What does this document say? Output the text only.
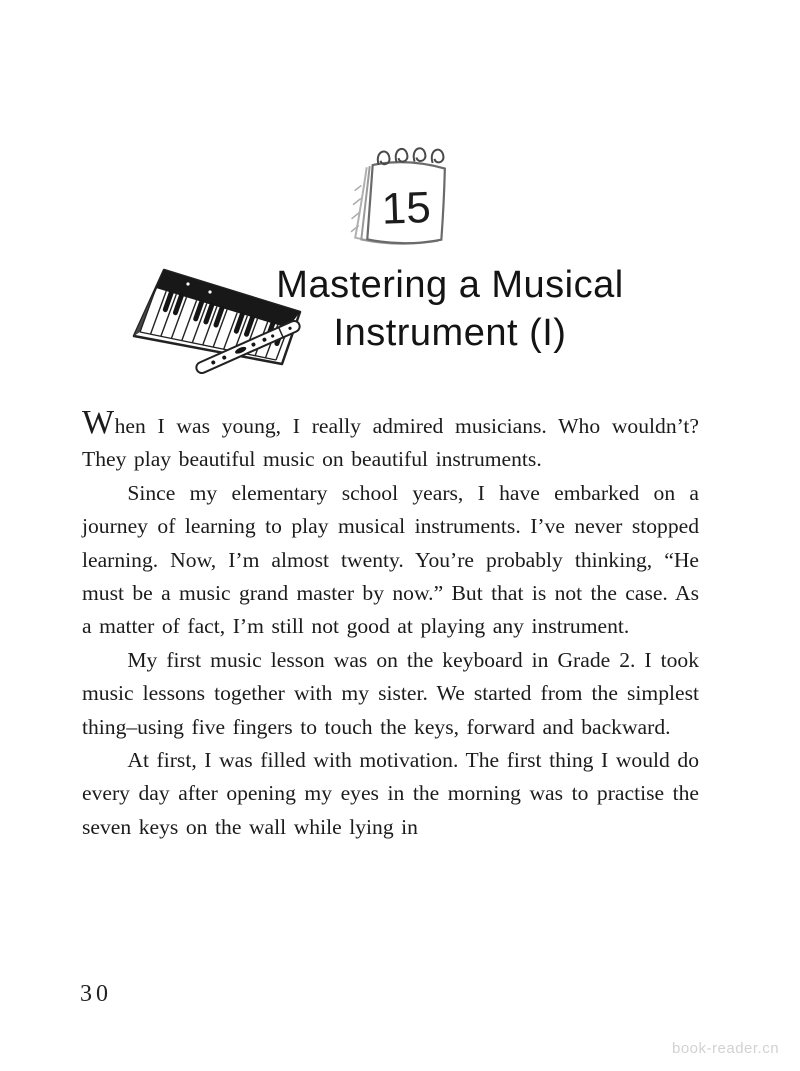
15
Mastering a Musical
Instrument (I)

When I was young, I really admired musicians. Who wouldn’t? They play beautiful music on beautiful instruments.

Since my elementary school years, I have embarked on a journey of learning to play musical instruments. I’ve never stopped learning. Now, I’m almost twenty. You’re probably thinking, “He must be a music grand master by now.” But that is not the case. As a matter of fact, I’m still not good at playing any instrument.

My first music lesson was on the keyboard in Grade 2. I took music lessons together with my sister. We started from the simplest thing–using five fingers to touch the keys, forward and backward.

At first, I was filled with motivation. The first thing I would do every day after opening my eyes in the morning was to practise the seven keys on the wall while lying in

30
book-reader.cn
